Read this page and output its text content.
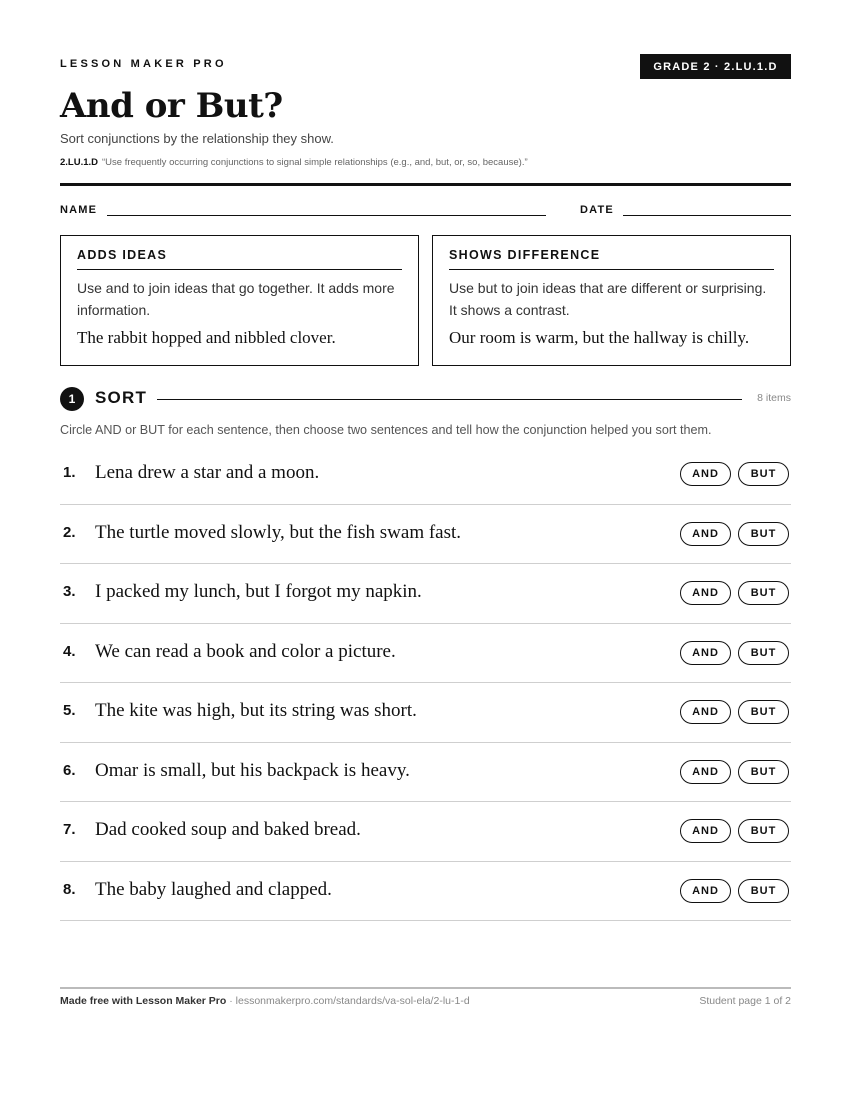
LESSON MAKER PRO	GRADE 2 · 2.LU.1.D
And or But?
Sort conjunctions by the relationship they show.
2.LU.1.D “Use frequently occurring conjunctions to signal simple relationships (e.g., and, but, or, so, because).”
NAME	DATE
ADDS IDEAS
Use and to join ideas that go together. It adds more information.
The rabbit hopped and nibbled clover.
SHOWS DIFFERENCE
Use but to join ideas that are different or surprising. It shows a contrast.
Our room is warm, but the hallway is chilly.
1	SORT	8 items
Circle AND or BUT for each sentence, then choose two sentences and tell how the conjunction helped you sort them.
1. Lena drew a star and a moon.	AND	BUT
2. The turtle moved slowly, but the fish swam fast.	AND	BUT
3. I packed my lunch, but I forgot my napkin.	AND	BUT
4. We can read a book and color a picture.	AND	BUT
5. The kite was high, but its string was short.	AND	BUT
6. Omar is small, but his backpack is heavy.	AND	BUT
7. Dad cooked soup and baked bread.	AND	BUT
8. The baby laughed and clapped.	AND	BUT
Made free with Lesson Maker Pro · lessonmakerpro.com/standards/va-sol-ela/2-lu-1-d	Student page 1 of 2
